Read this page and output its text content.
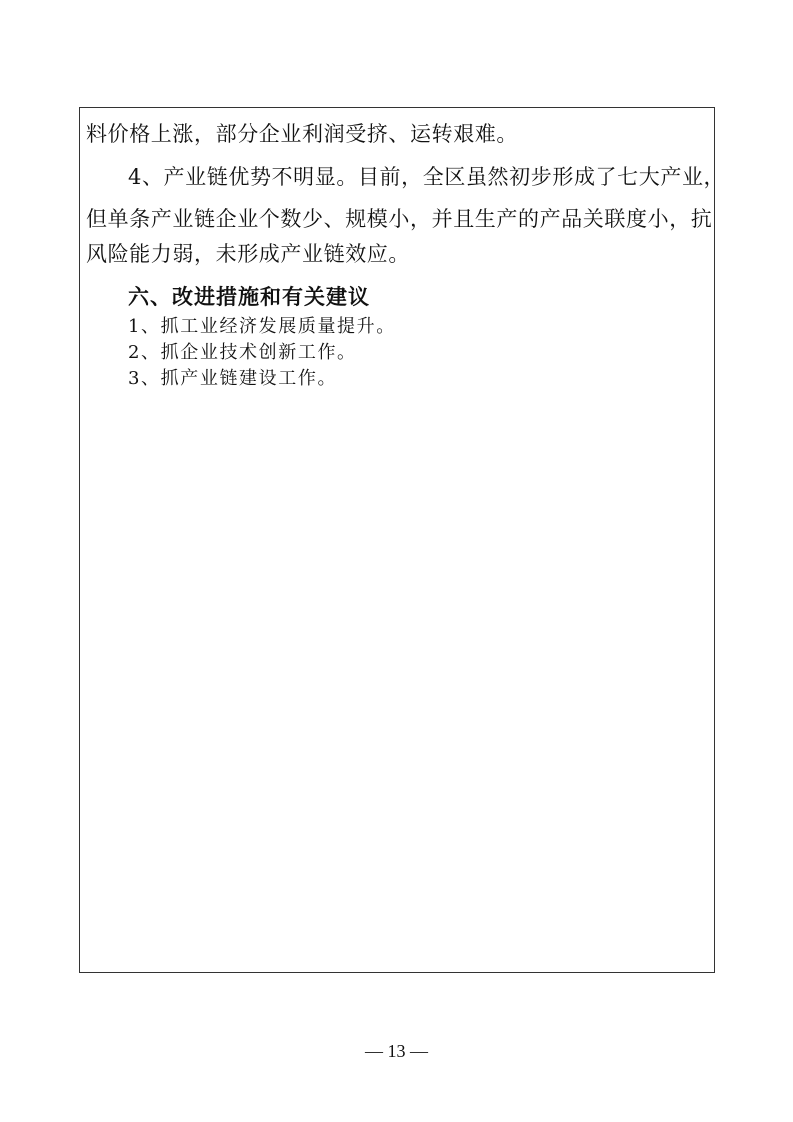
料价格上涨，部分企业利润受挤、运转艰难。

4、产业链优势不明显。目前，全区虽然初步形成了七大产业，

但单条产业链企业个数少、规模小，并且生产的产品关联度小，抗

风险能力弱，未形成产业链效应。

六、改进措施和有关建议

1、抓工业经济发展质量提升。

2、抓企业技术创新工作。

3、抓产业链建设工作。

— 13 —
